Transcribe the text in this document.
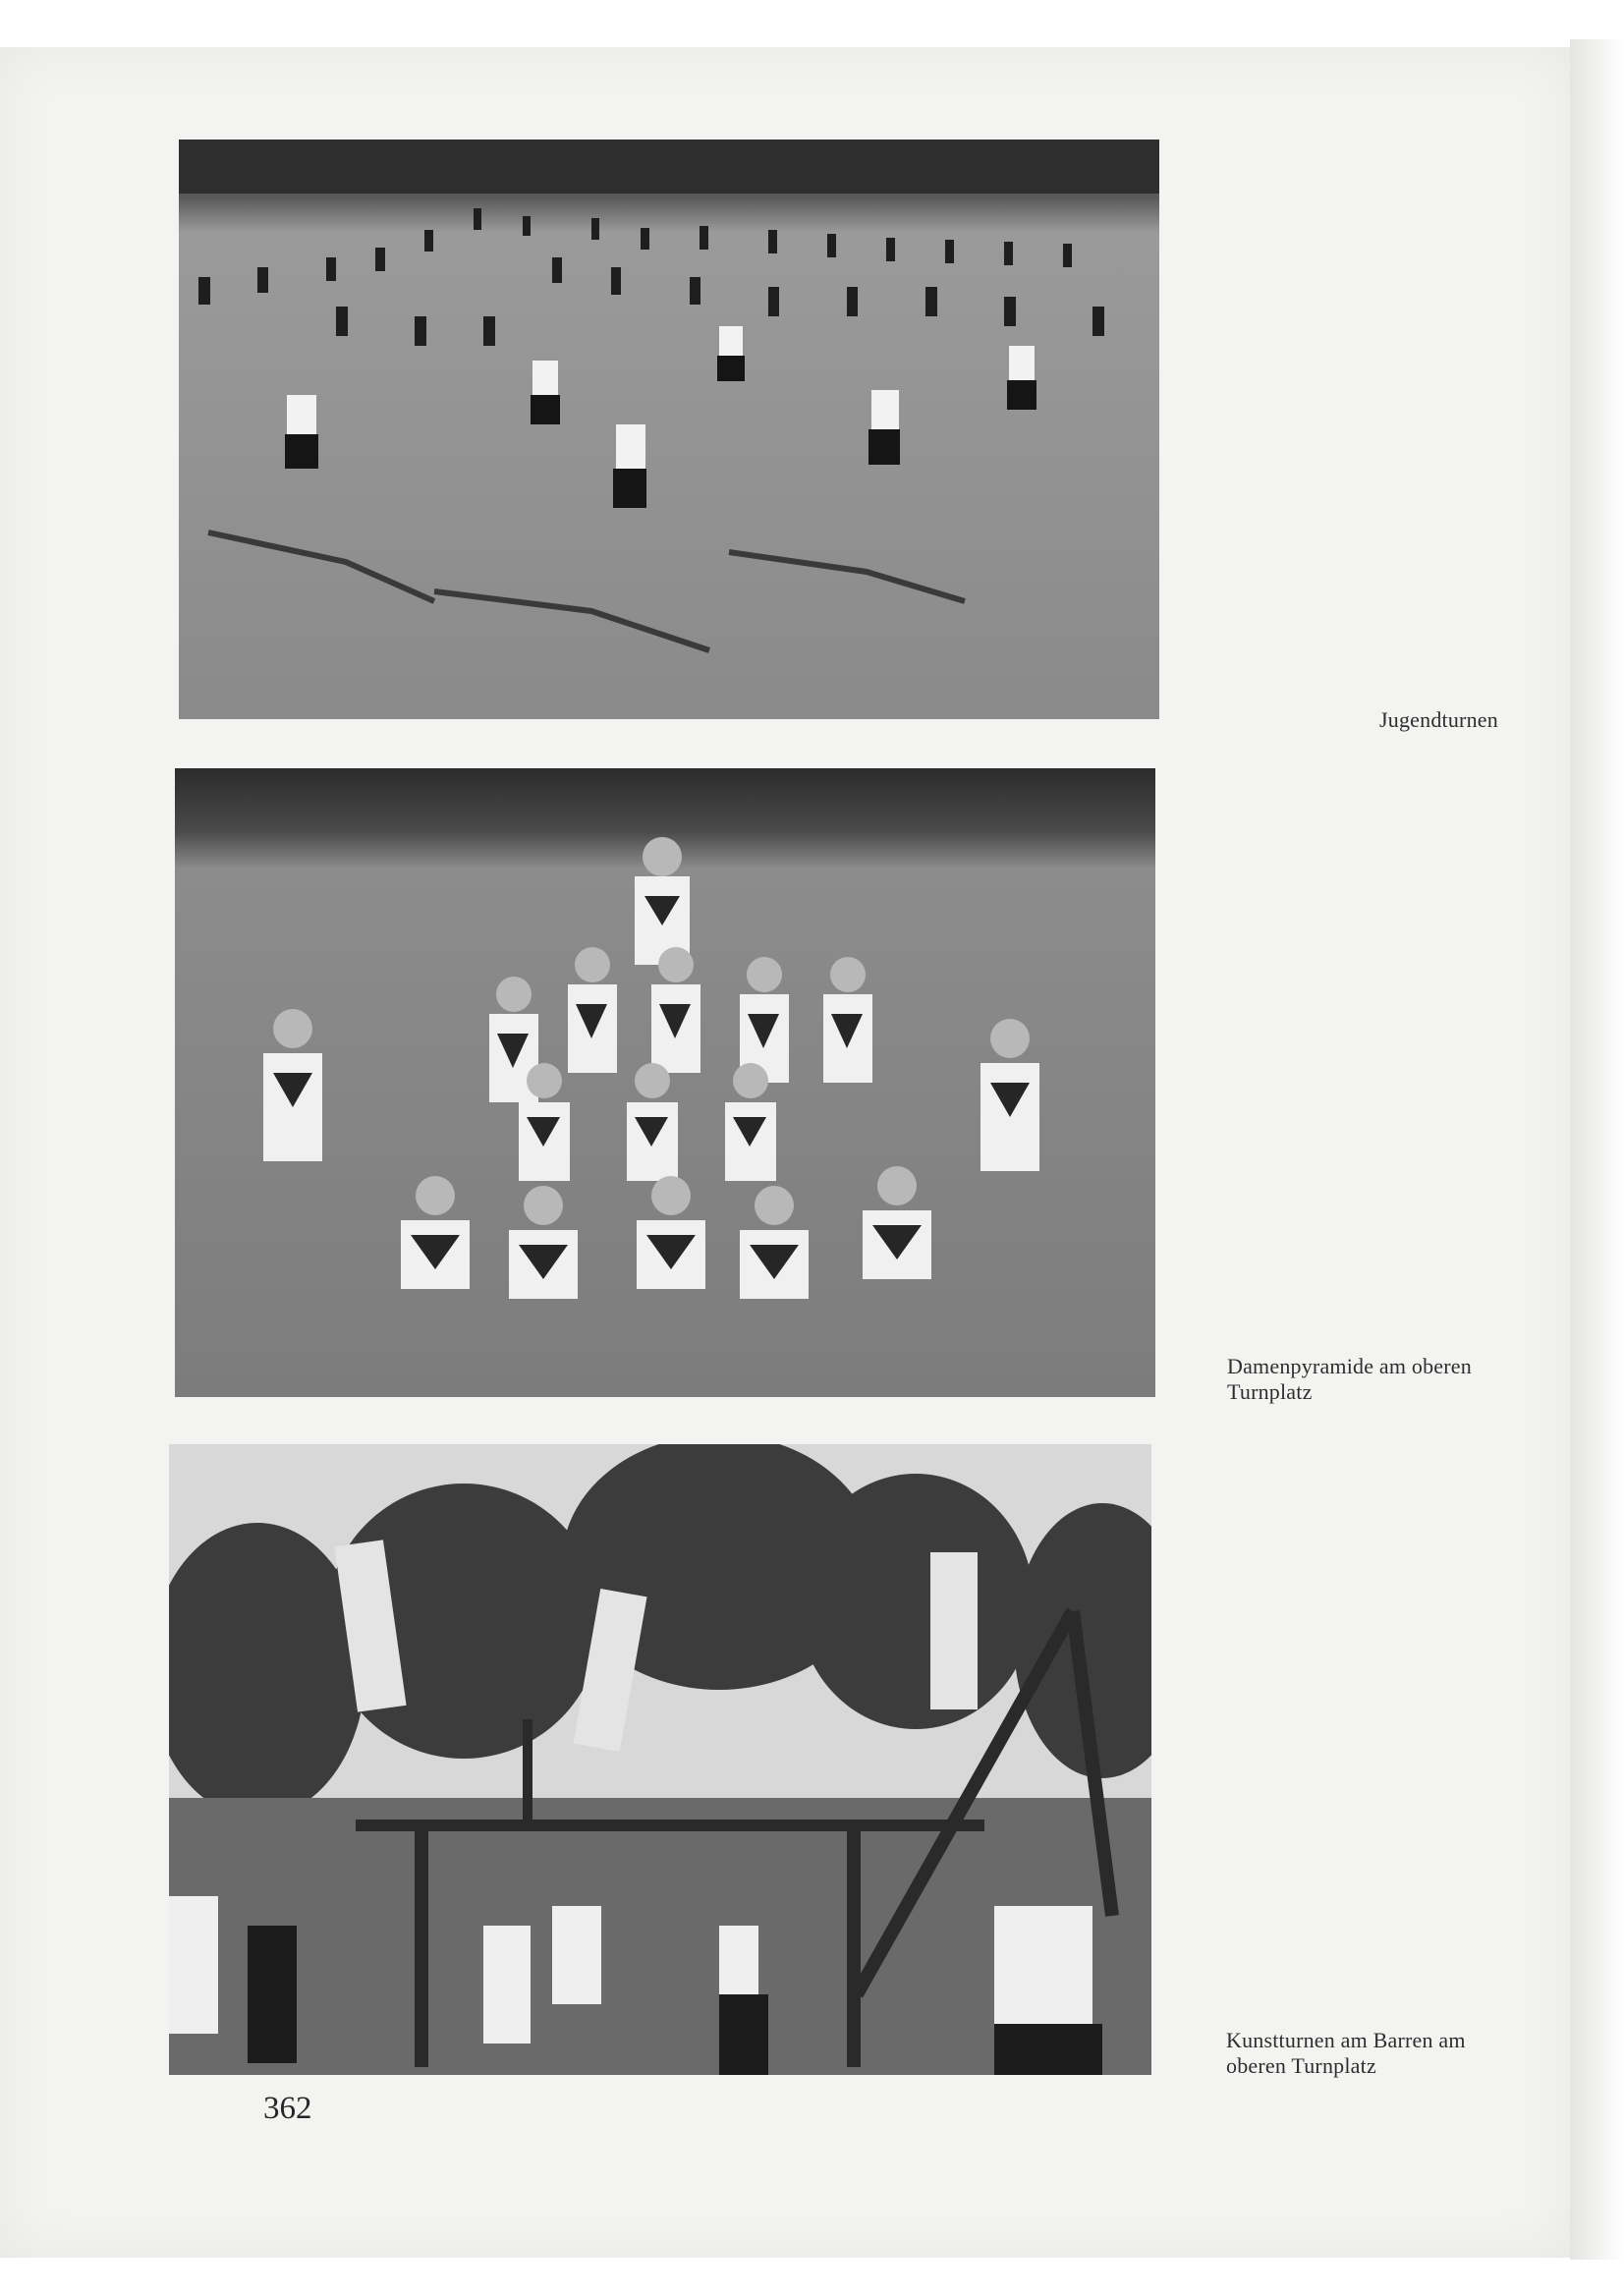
Jugendturnen
Damenpyramide am oberen
Turnplatz
Kunstturnen am Barren am
oberen Turnplatz
362
